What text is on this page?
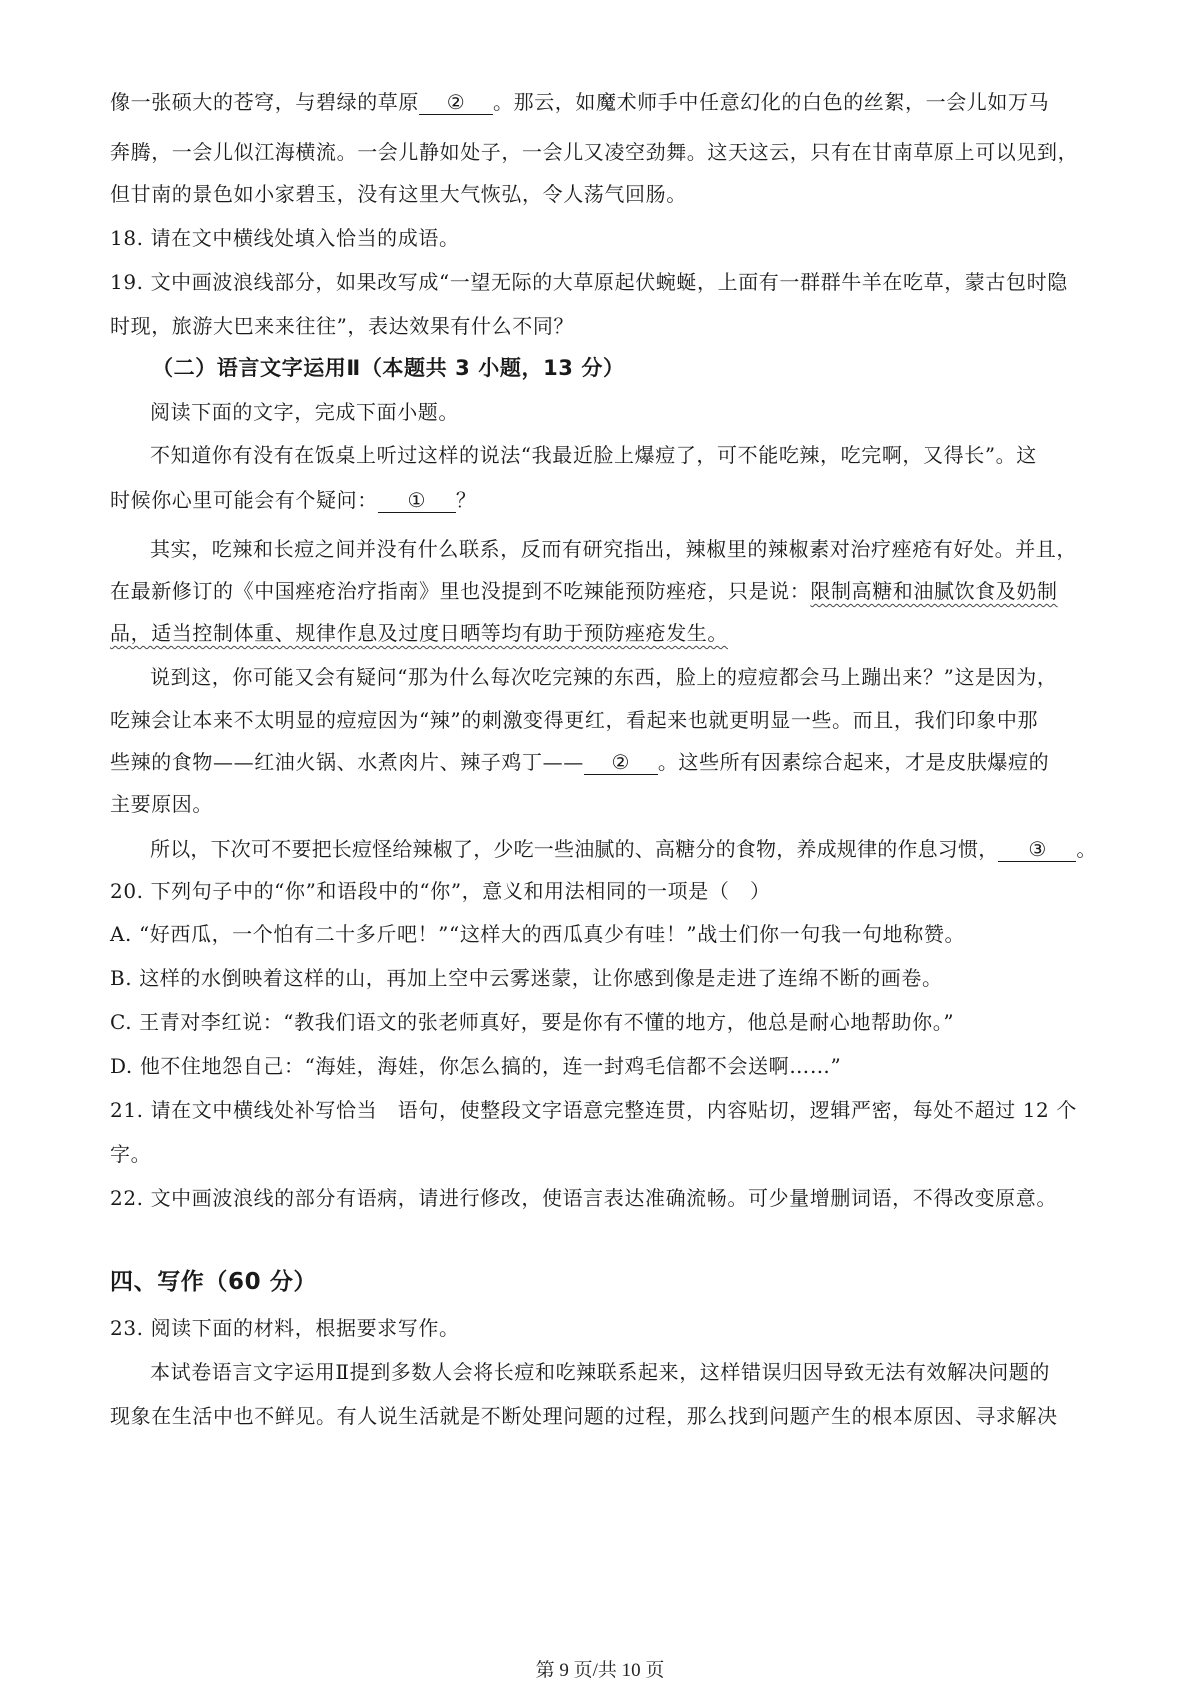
像一张硕大的苍穹，与碧绿的草原 ② 。那云，如魔术师手中任意幻化的白色的丝絮，一会儿如万马
奔腾，一会儿似江海横流。一会儿静如处子，一会儿又凌空劲舞。这天这云，只有在甘南草原上可以见到，
但甘南的景色如小家碧玉，没有这里大气恢弘，令人荡气回肠。
18. 请在文中横线处填入恰当的成语。
19. 文中画波浪线部分，如果改写成“一望无际的大草原起伏蜿蜒，上面有一群群牛羊在吃草，蒙古包时隐
时现，旅游大巴来来往往”，表达效果有什么不同？
（二）语言文字运用Ⅱ（本题共 3 小题，13 分）
阅读下面的文字，完成下面小题。
不知道你有没有在饭桌上听过这样的说法“我最近脸上爆痘了，可不能吃辣，吃完啊，又得长”。这
时候你心里可能会有个疑问： ① ？
其实，吃辣和长痘之间并没有什么联系，反而有研究指出，辣椒里的辣椒素对治疗痤疮有好处。并且，
在最新修订的《中国痤疮治疗指南》里也没提到不吃辣能预防痤疮，只是说：限制高糖和油腻饮食及奶制
品，适当控制体重、规律作息及过度日晒等均有助于预防痤疮发生。
说到这，你可能又会有疑问“那为什么每次吃完辣的东西，脸上的痘痘都会马上蹦出来？”这是因为，
吃辣会让本来不太明显的痘痘因为“辣”的刺激变得更红，看起来也就更明显一些。而且，我们印象中那
些辣的食物——红油火锅、水煮肉片、辣子鸡丁—— ② 。这些所有因素综合起来，才是皮肤爆痘的
主要原因。
所以，下次可不要把长痘怪给辣椒了，少吃一些油腻的、高糖分的食物，养成规律的作息习惯， ③ 。
20. 下列句子中的“你”和语段中的“你”，意义和用法相同的一项是（　）
A. “好西瓜，一个怕有二十多斤吧！”“这样大的西瓜真少有哇！”战士们你一句我一句地称赞。
B. 这样的水倒映着这样的山，再加上空中云雾迷蒙，让你感到像是走进了连绵不断的画卷。
C. 王青对李红说：“教我们语文的张老师真好，要是你有不懂的地方，他总是耐心地帮助你。”
D. 他不住地怨自己：“海娃，海娃，你怎么搞的，连一封鸡毛信都不会送啊……”
21. 请在文中横线处补写恰当　语句，使整段文字语意完整连贯，内容贴切，逻辑严密，每处不超过 12 个
字。
22. 文中画波浪线的部分有语病，请进行修改，使语言表达准确流畅。可少量增删词语，不得改变原意。
四、写作（60 分）
23. 阅读下面的材料，根据要求写作。
本试卷语言文字运用Ⅱ提到多数人会将长痘和吃辣联系起来，这样错误归因导致无法有效解决问题的
现象在生活中也不鲜见。有人说生活就是不断处理问题的过程，那么找到问题产生的根本原因、寻求解决
第 9 页/共 10 页
